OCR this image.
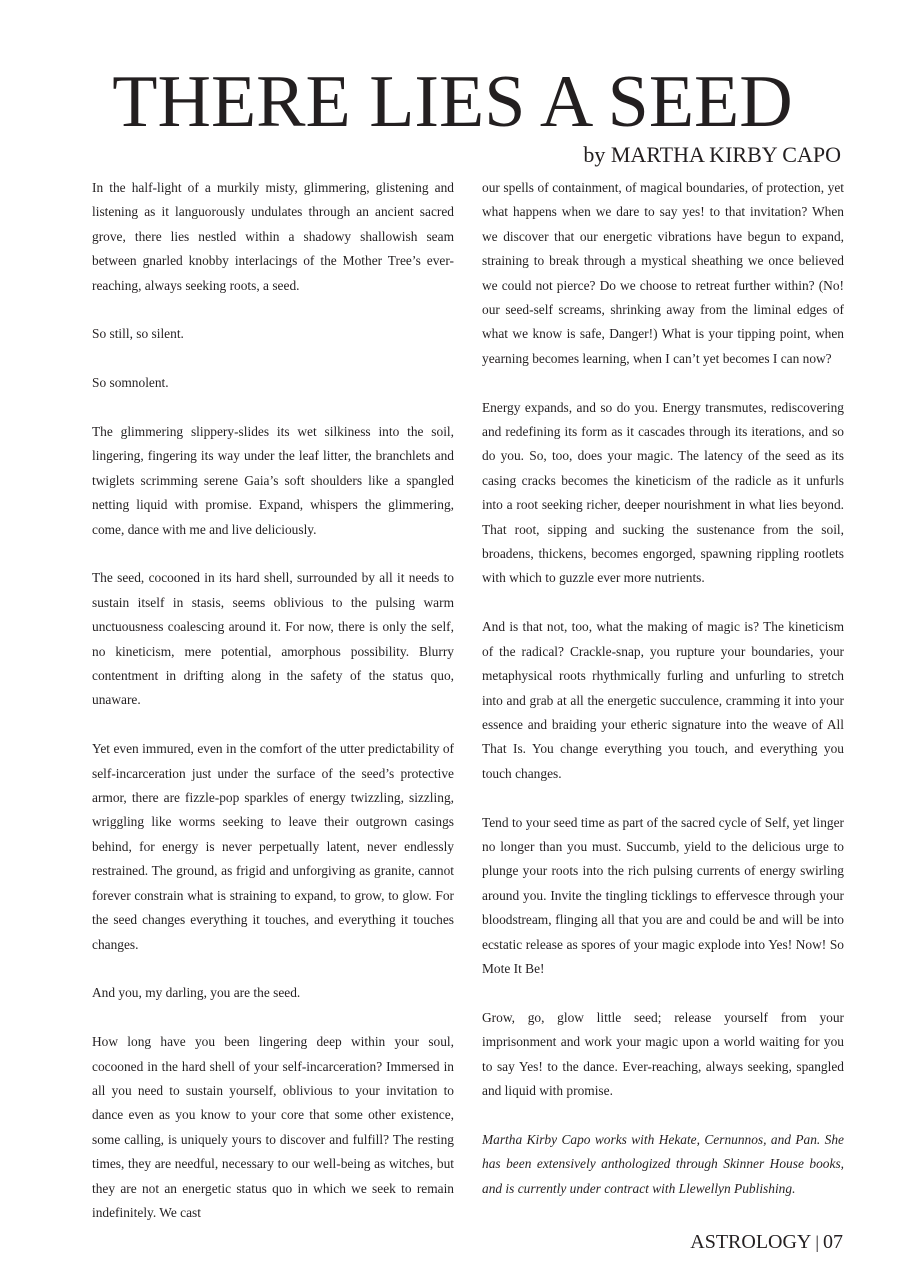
THERE LIES A SEED
by MARTHA KIRBY CAPO

In the half-light of a murkily misty, glimmering, glistening and listening as it languorously undulates through an ancient sacred grove, there lies nestled within a shadowy shallowish seam between gnarled knobby interlacings of the Mother Tree’s ever-reaching, always seeking roots, a seed.

So still, so silent.

So somnolent.

The glimmering slippery-slides its wet silkiness into the soil, lingering, fingering its way under the leaf litter, the branchlets and twiglets scrimming serene Gaia’s soft shoulders like a spangled netting liquid with promise. Expand, whispers the glimmering, come, dance with me and live deliciously.

The seed, cocooned in its hard shell, surrounded by all it needs to sustain itself in stasis, seems oblivious to the pulsing warm unctuousness coalescing around it. For now, there is only the self, no kineticism, mere potential, amorphous possibility. Blurry contentment in drifting along in the safety of the status quo, unaware.

Yet even immured, even in the comfort of the utter predictability of self-incarceration just under the surface of the seed’s protective armor, there are fizzle-pop sparkles of energy twizzling, sizzling, wriggling like worms seeking to leave their outgrown casings behind, for energy is never perpetually latent, never endlessly restrained. The ground, as frigid and unforgiving as granite, cannot forever constrain what is straining to expand, to grow, to glow. For the seed changes everything it touches, and everything it touches changes.

And you, my darling, you are the seed.

How long have you been lingering deep within your soul, cocooned in the hard shell of your self-incarceration? Immersed in all you need to sustain yourself, oblivious to your invitation to dance even as you know to your core that some other existence, some calling, is uniquely yours to discover and fulfill? The resting times, they are needful, necessary to our well-being as witches, but they are not an energetic status quo in which we seek to remain indefinitely. We cast

our spells of containment, of magical boundaries, of protection, yet what happens when we dare to say yes! to that invitation? When we discover that our energetic vibrations have begun to expand, straining to break through a mystical sheathing we once believed we could not pierce? Do we choose to retreat further within? (No! our seed-self screams, shrinking away from the liminal edges of what we know is safe, Danger!) What is your tipping point, when yearning becomes learning, when I can’t yet becomes I can now?

Energy expands, and so do you. Energy transmutes, rediscovering and redefining its form as it cascades through its iterations, and so do you. So, too, does your magic. The latency of the seed as its casing cracks becomes the kineticism of the radicle as it unfurls into a root seeking richer, deeper nourishment in what lies beyond. That root, sipping and sucking the sustenance from the soil, broadens, thickens, becomes engorged, spawning rippling rootlets with which to guzzle ever more nutrients.

And is that not, too, what the making of magic is? The kineticism of the radical? Crackle-snap, you rupture your boundaries, your metaphysical roots rhythmically furling and unfurling to stretch into and grab at all the energetic succulence, cramming it into your essence and braiding your etheric signature into the weave of All That Is. You change everything you touch, and everything you touch changes.

Tend to your seed time as part of the sacred cycle of Self, yet linger no longer than you must. Succumb, yield to the delicious urge to plunge your roots into the rich pulsing currents of energy swirling around you. Invite the tingling ticklings to effervesce through your bloodstream, flinging all that you are and could be and will be into ecstatic release as spores of your magic explode into Yes! Now! So Mote It Be!

Grow, go, glow little seed; release yourself from your imprisonment and work your magic upon a world waiting for you to say Yes! to the dance. Ever-reaching, always seeking, spangled and liquid with promise.

Martha Kirby Capo works with Hekate, Cernunnos, and Pan. She has been extensively anthologized through Skinner House books, and is currently under contract with Llewellyn Publishing.

ASTROLOGY | 07
